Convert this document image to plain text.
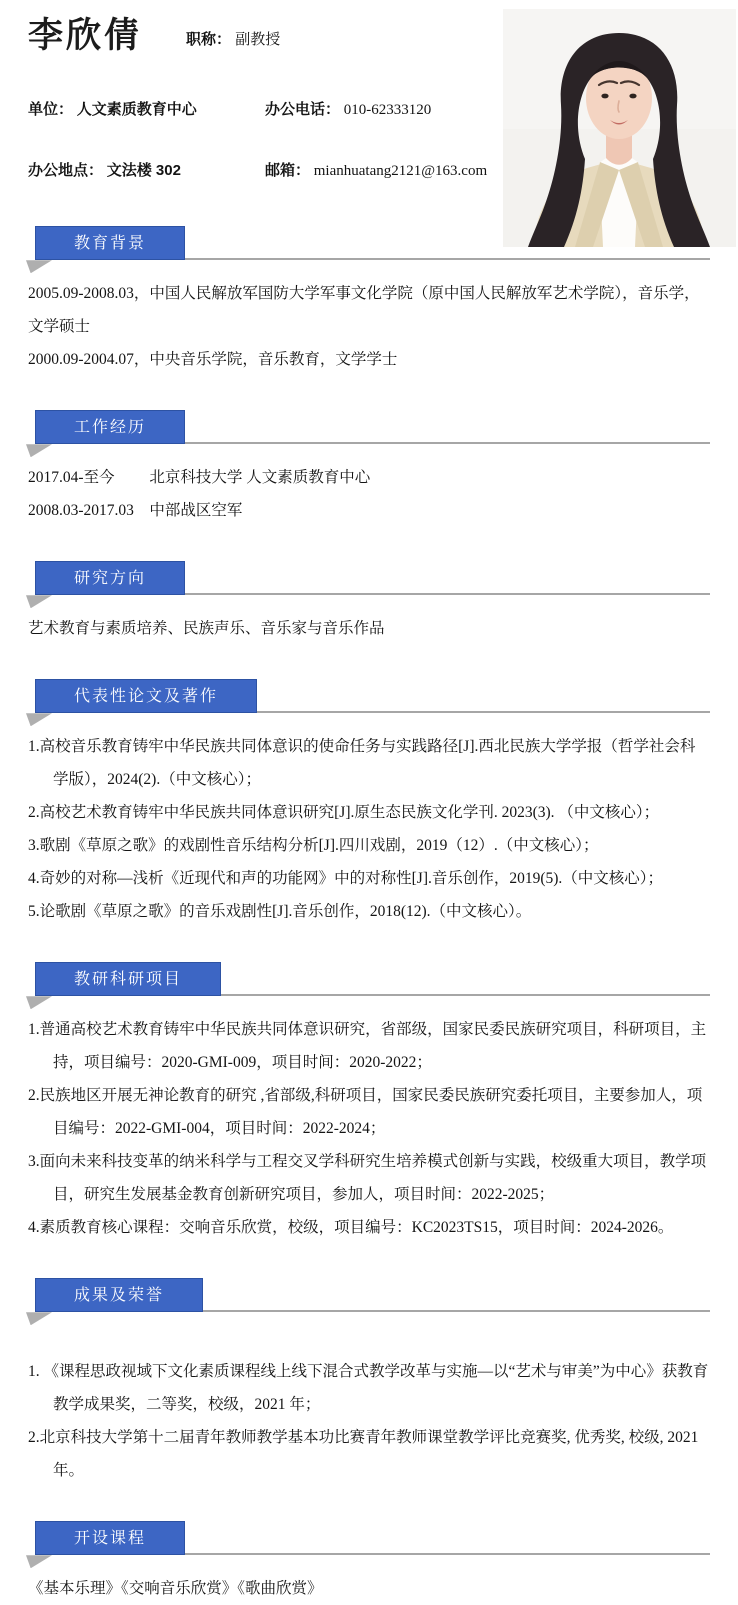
李欣倩	职称： 副教授
单位： 人文素质教育中心	办公电话： 010-62333120
办公地点： 文法楼 302	邮箱： mianhuatang2121@163.com
教育背景

2005.09-2008.03，中国人民解放军国防大学军事文化学院（原中国人民解放军艺术学院），音乐学，文学硕士

2000.09-2004.07，中央音乐学院，音乐教育，文学学士

工作经历

2017.04-至今　　 北京科技大学 人文素质教育中心

2008.03-2017.03　中部战区空军

研究方向

艺术教育与素质培养、民族声乐、音乐家与音乐作品

代表性论文及著作

1.高校音乐教育铸牢中华民族共同体意识的使命任务与实践路径[J].西北民族大学学报（哲学社会科学版），2024(2).（中文核心）；

2.高校艺术教育铸牢中华民族共同体意识研究[J].原生态民族文化学刊. 2023(3). （中文核心）；

3.歌剧《草原之歌》的戏剧性音乐结构分析[J].四川戏剧，2019（12）.（中文核心）；

4.奇妙的对称—浅析《近现代和声的功能网》中的对称性[J].音乐创作，2019(5).（中文核心）；

5.论歌剧《草原之歌》的音乐戏剧性[J].音乐创作，2018(12).（中文核心）。

教研科研项目

1.普通高校艺术教育铸牢中华民族共同体意识研究，省部级，国家民委民族研究项目，科研项目，主持，项目编号：2020-GMI-009，项目时间：2020-2022；

2.民族地区开展无神论教育的研究 ,省部级,科研项目，国家民委民族研究委托项目，主要参加人，项目编号：2022-GMI-004，项目时间：2022-2024；

3.面向未来科技变革的纳米科学与工程交叉学科研究生培养模式创新与实践，校级重大项目，教学项目，研究生发展基金教育创新研究项目，参加人，项目时间：2022-2025；

4.素质教育核心课程：交响音乐欣赏，校级，项目编号：KC2023TS15，项目时间：2024-2026。

成果及荣誉

1. 《课程思政视域下文化素质课程线上线下混合式教学改革与实施—以“艺术与审美”为中心》获教育教学成果奖，二等奖，校级，2021 年；

2.北京科技大学第十二届青年教师教学基本功比赛青年教师课堂教学评比竞赛奖, 优秀奖, 校级, 2021 年。

开设课程

《基本乐理》《交响音乐欣赏》《歌曲欣赏》
